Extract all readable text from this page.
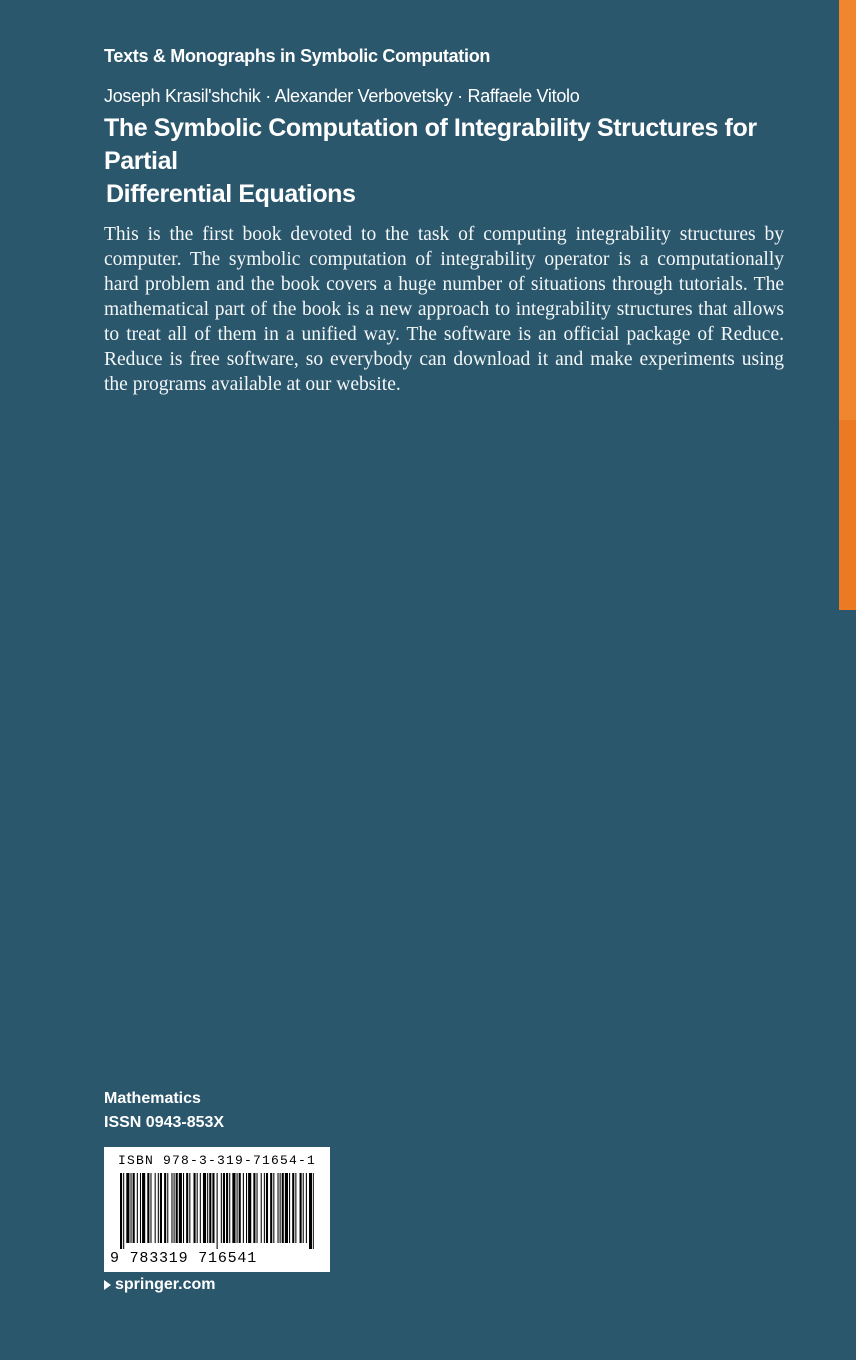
Texts & Monographs in Symbolic Computation
Joseph Krasil'shchik · Alexander Verbovetsky · Raffaele Vitolo
The Symbolic Computation of Integrability Structures for Partial
Differential Equations
This is the first book devoted to the task of computing integrability structures by computer. The symbolic computation of integrability operator is a computationally hard problem and the book covers a huge number of situations through tutorials. The mathematical part of the book is a new approach to integrability structures that allows to treat all of them in a unified way. The software is an official package of Reduce. Reduce is free software, so everybody can download it and make experiments using the programs available at our website.
Mathematics
ISSN 0943-853X
ISBN 978-3-319-71654-1
9 783319 716541
springer.com
